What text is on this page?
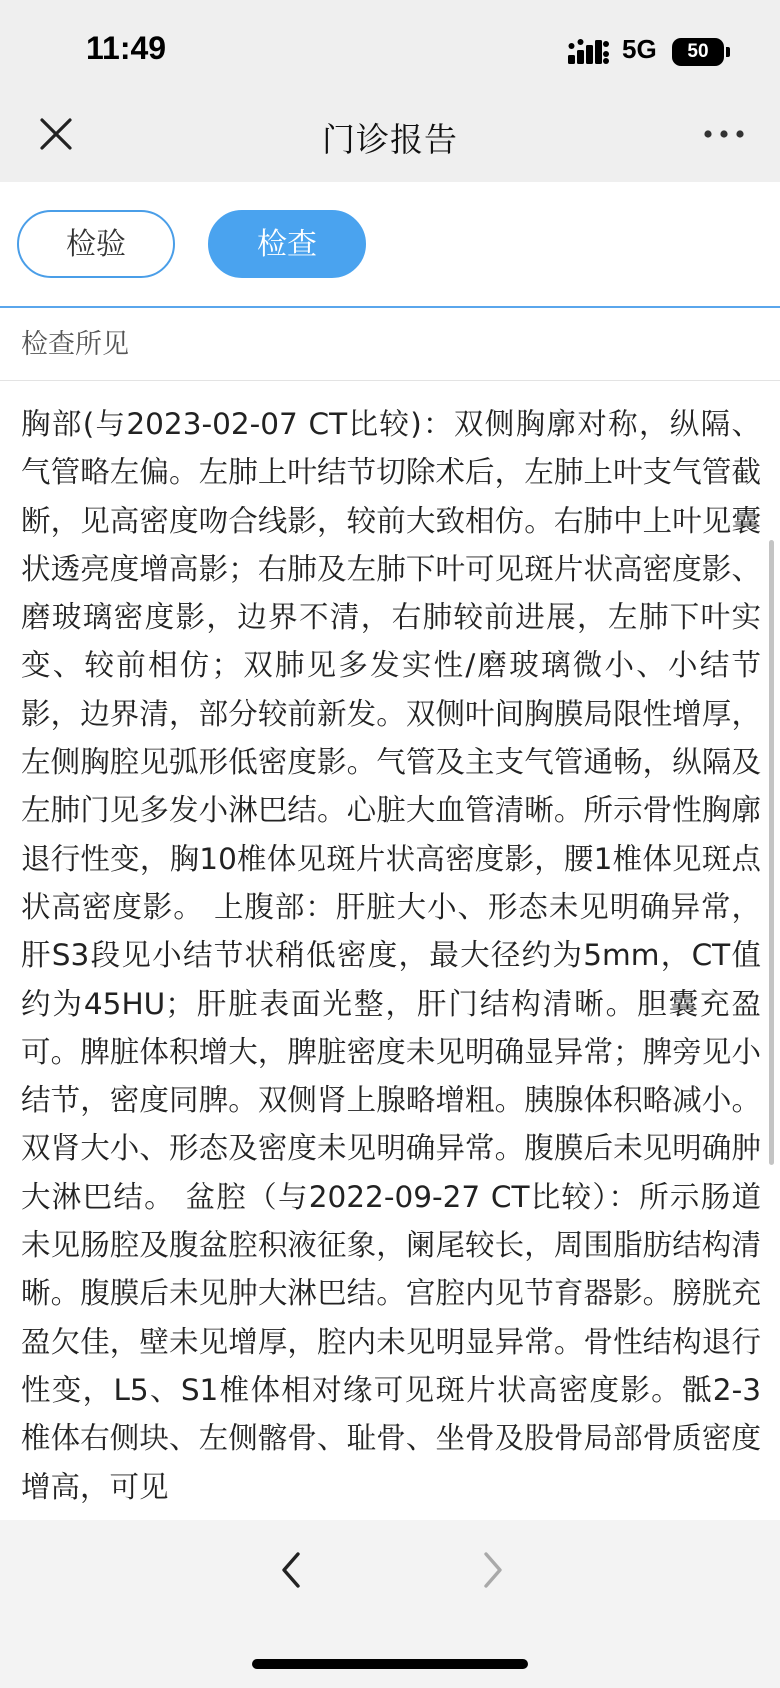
11:49	5G	50
门诊报告
检验	检查
检查所见
胸部(与2023-02-07 CT比较)：双侧胸廓对称，纵隔、气管略左偏。左肺上叶结节切除术后，左肺上叶支气管截断，见高密度吻合线影，较前大致相仿。右肺中上叶见囊状透亮度增高影；右肺及左肺下叶可见斑片状高密度影、磨玻璃密度影，边界不清，右肺较前进展，左肺下叶实变、较前相仿；双肺见多发实性/磨玻璃微小、小结节影，边界清，部分较前新发。双侧叶间胸膜局限性增厚，左侧胸腔见弧形低密度影。气管及主支气管通畅，纵隔及左肺门见多发小淋巴结。心脏大血管清晰。所示骨性胸廓退行性变，胸10椎体见斑片状高密度影，腰1椎体见斑点状高密度影。 上腹部：肝脏大小、形态未见明确异常，肝S3段见小结节状稍低密度，最大径约为5mm，CT值约为45HU；肝脏表面光整，肝门结构清晰。胆囊充盈可。脾脏体积增大，脾脏密度未见明确显异常；脾旁见小结节，密度同脾。双侧肾上腺略增粗。胰腺体积略减小。双肾大小、形态及密度未见明确异常。腹膜后未见明确肿大淋巴结。 盆腔（与2022-09-27 CT比较）：所示肠道未见肠腔及腹盆腔积液征象，阑尾较长，周围脂肪结构清晰。腹膜后未见肿大淋巴结。宫腔内见节育器影。膀胱充盈欠佳，壁未见增厚，腔内未见明显异常。骨性结构退行性变，L5、S1椎体相对缘可见斑片状高密度影。骶2-3椎体右侧块、左侧髂骨、耻骨、坐骨及股骨局部骨质密度增高，可见
